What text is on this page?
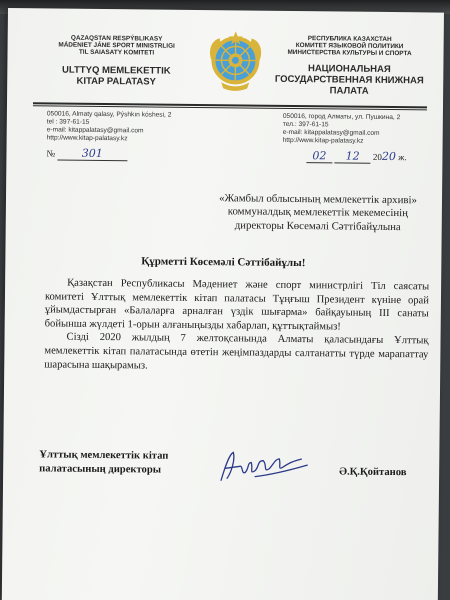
QAZAQSTAN RESPÝBLIKASY
MÁDENIET JÁNE SPORT MINISTRLIGI
TIL SAIASATY KOMITETI
ULTTYQ MEMLEKETTIK
KITAP PALATASY
РЕСПУБЛИКА КАЗАХСТАН
КОМИТЕТ ЯЗЫКОВОЙ ПОЛИТИКИ
МИНИСТЕРСТВА КУЛЬТУРЫ И СПОРТА
НАЦИОНАЛЬНАЯ
ГОСУДАРСТВЕННАЯ КНИЖНАЯ
ПАЛАТА
050016, Almaty qalasy, Pýshkın kóshesi, 2
tel : 397-61-15
e-mail: kitappalatasy@gmail.com
http://www.kitap-palatasy.kz
050016, город Алматы, ул. Пушкина, 2
тел.: 397-61-15
e-mail: kitappalatasy@gmail.com
http://www.kitap-palatasy.kz
№ 301	02 12 2020 ж.
«Жамбыл облысының мемлекеттік архиві»
коммуналдық мемлекеттік мекемесінің
директоры Көсемәлі Сәттібайұлына
Құрметті Көсемәлі Сәттібайұлы!

Қазақстан Республикасы Мәдениет және спорт министрлігі Тіл саясаты комитеті Ұлттық мемлекеттік кітап палатасы Тұңғыш Президент күніне орай ұйымдастырған «Балаларға арналған үздік шығарма» байқауының ІІІ санаты бойынша жүлдеті 1-орын алғаныңызды хабарлап, құттықтаймыз!

Сізді 2020 жылдың 7 желтоқсанында Алматы қаласындағы Ұлттық мемлекеттік кітап палатасында өтетін жеңімпаздарды салтанатты түрде марапаттау шарасына шақырамыз.

Ұлттық мемлекеттік кітап
палатасының директоры	Ә.Қ.Қойтанов
